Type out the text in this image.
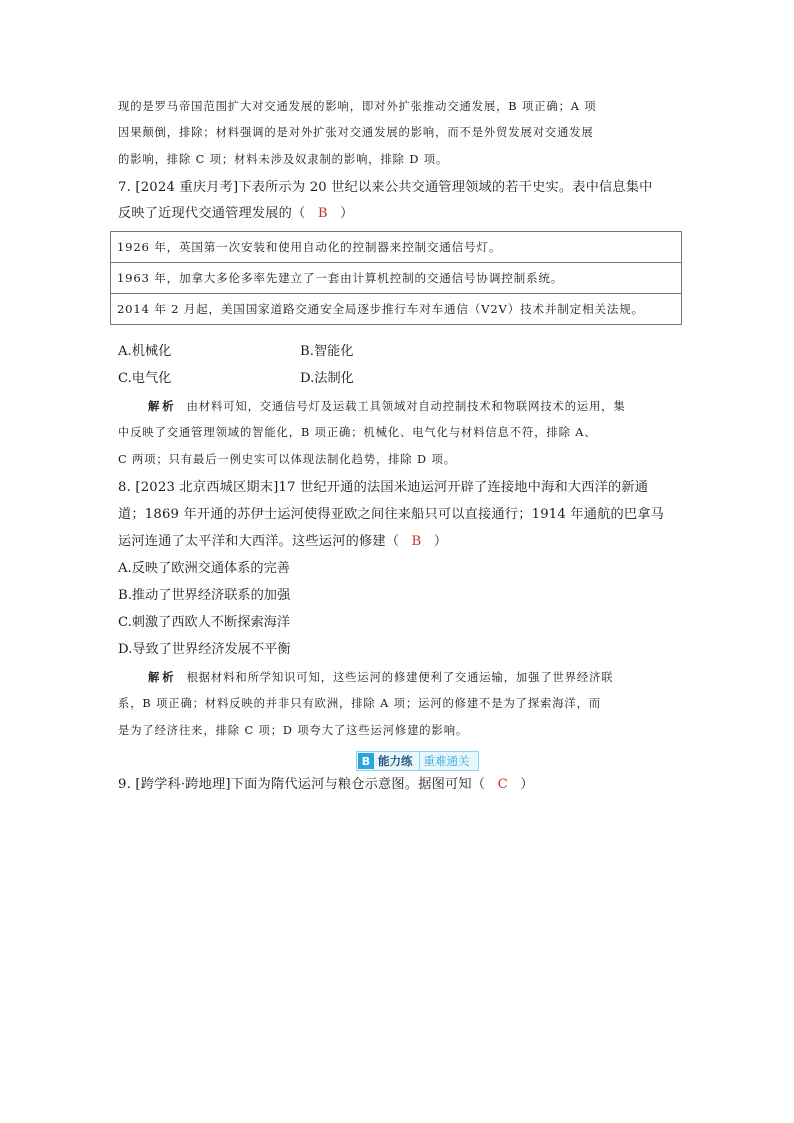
现的是罗马帝国范围扩大对交通发展的影响，即对外扩张推动交通发展，B 项正确；A 项
因果颠倒，排除；材料强调的是对外扩张对交通发展的影响，而不是外贸发展对交通发展
的影响，排除 C 项；材料未涉及奴隶制的影响，排除 D 项。
7. [2024 重庆月考]下表所示为 20 世纪以来公共交通管理领域的若干史实。表中信息集中
反映了近现代交通管理发展的（ B ）
1926 年，英国第一次安装和使用自动化的控制器来控制交通信号灯。
1963 年，加拿大多伦多率先建立了一套由计算机控制的交通信号协调控制系统。
2014 年 2 月起，美国国家道路交通安全局逐步推行车对车通信（V2V）技术并制定相关法规。
A.机械化	B.智能化
C.电气化	D.法制化
解析 由材料可知，交通信号灯及运载工具领域对自动控制技术和物联网技术的运用，集
中反映了交通管理领域的智能化，B 项正确；机械化、电气化与材料信息不符，排除 A、
C 两项；只有最后一例史实可以体现法制化趋势，排除 D 项。
8. [2023 北京西城区期末]17 世纪开通的法国米迪运河开辟了连接地中海和大西洋的新通
道；1869 年开通的苏伊士运河使得亚欧之间往来船只可以直接通行；1914 年通航的巴拿马
运河连通了太平洋和大西洋。这些运河的修建（ B ）
A.反映了欧洲交通体系的完善
B.推动了世界经济联系的加强
C.刺激了西欧人不断探索海洋
D.导致了世界经济发展不平衡
解析 根据材料和所学知识可知，这些运河的修建便利了交通运输，加强了世界经济联
系，B 项正确；材料反映的并非只有欧洲，排除 A 项；运河的修建不是为了探索海洋，而
是为了经济往来，排除 C 项；D 项夸大了这些运河修建的影响。
B 能力练 重难通关
9. [跨学科·跨地理]下面为隋代运河与粮仓示意图。据图可知（ C ）
